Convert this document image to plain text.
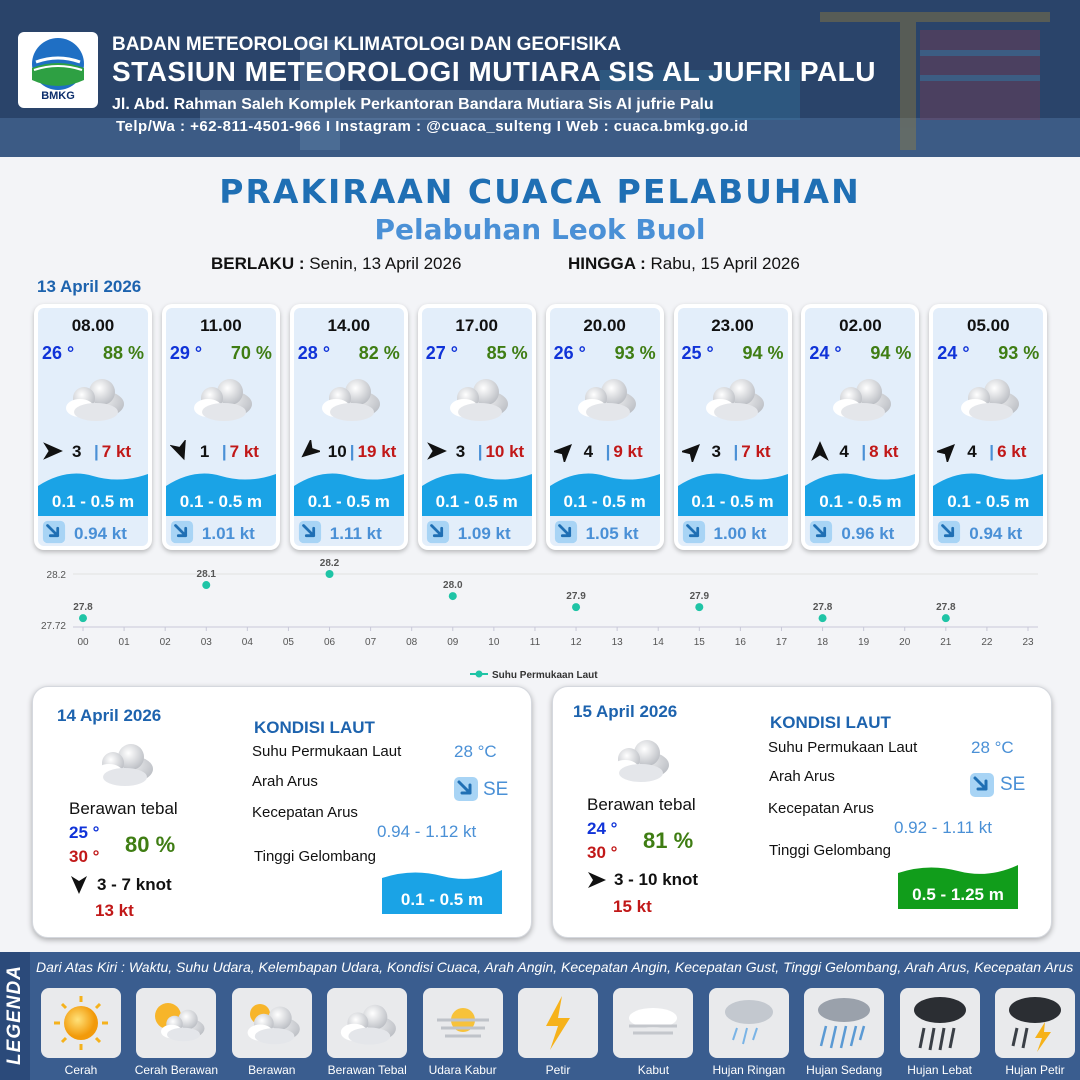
BMKG
BADAN METEOROLOGI KLIMATOLOGI DAN GEOFISIKA
STASIUN METEOROLOGI MUTIARA SIS AL JUFRI PALU
Jl. Abd. Rahman Saleh Komplek Perkantoran Bandara Mutiara Sis Al jufrie Palu
Telp/Wa : +62-811-4501-966 I Instagram : @cuaca_sulteng I Web : cuaca.bmkg.go.id
PRAKIRAAN CUACA PELABUHAN
Pelabuhan Leok Buol
BERLAKU : Senin, 13 April 2026	HINGGA : Rabu, 15 April 2026
13 April 2026
08.00
26 ° 88 %
3 | 7 kt
0.1 - 0.5 m
0.94 kt
11.00
29 ° 70 %
1 | 7 kt
0.1 - 0.5 m
1.01 kt
14.00
28 ° 82 %
10 | 19 kt
0.1 - 0.5 m
1.11 kt
17.00
27 ° 85 %
3 | 10 kt
0.1 - 0.5 m
1.09 kt
20.00
26 ° 93 %
4 | 9 kt
0.1 - 0.5 m
1.05 kt
23.00
25 ° 94 %
3 | 7 kt
0.1 - 0.5 m
1.00 kt
02.00
24 ° 94 %
4 | 8 kt
0.1 - 0.5 m
0.96 kt
05.00
24 ° 93 %
4 | 6 kt
0.1 - 0.5 m
0.94 kt
28.2
27.72
00	01	02	03	04	05	06	07	08	09	10	11	12	13	14	15	16	17	18	19	20	21	22	23
27.8
28.1
28.2
28.0
27.9	27.9
27.8	27.8
Suhu Permukaan Laut
14 April 2026
Berawan tebal
25 °
30 ° 80 %
3 - 7 knot
13 kt
KONDISI LAUT
Suhu Permukaan Laut	28 °C
Arah Arus	SE
Kecepatan Arus
0.94 - 1.12 kt
Tinggi Gelombang
0.1 - 0.5 m
15 April 2026
Berawan tebal
24 °
30 ° 81 %
3 - 10 knot
15 kt
KONDISI LAUT
Suhu Permukaan Laut	28 °C
Arah Arus	SE
Kecepatan Arus
0.92 - 1.11 kt
Tinggi Gelombang
0.5 - 1.25 m
LEGENDA Dari Atas Kiri : Waktu, Suhu Udara, Kelembapan Udara, Kondisi Cuaca, Arah Angin, Kecepatan Angin, Kecepatan Gust, Tinggi Gelombang, Arah Arus, Kecepatan Arus
Cerah	Cerah Berawan	Berawan	Berawan Tebal	Udara Kabur	Petir	Kabut	Hujan Ringan	Hujan Sedang	Hujan Lebat	Hujan Petir
